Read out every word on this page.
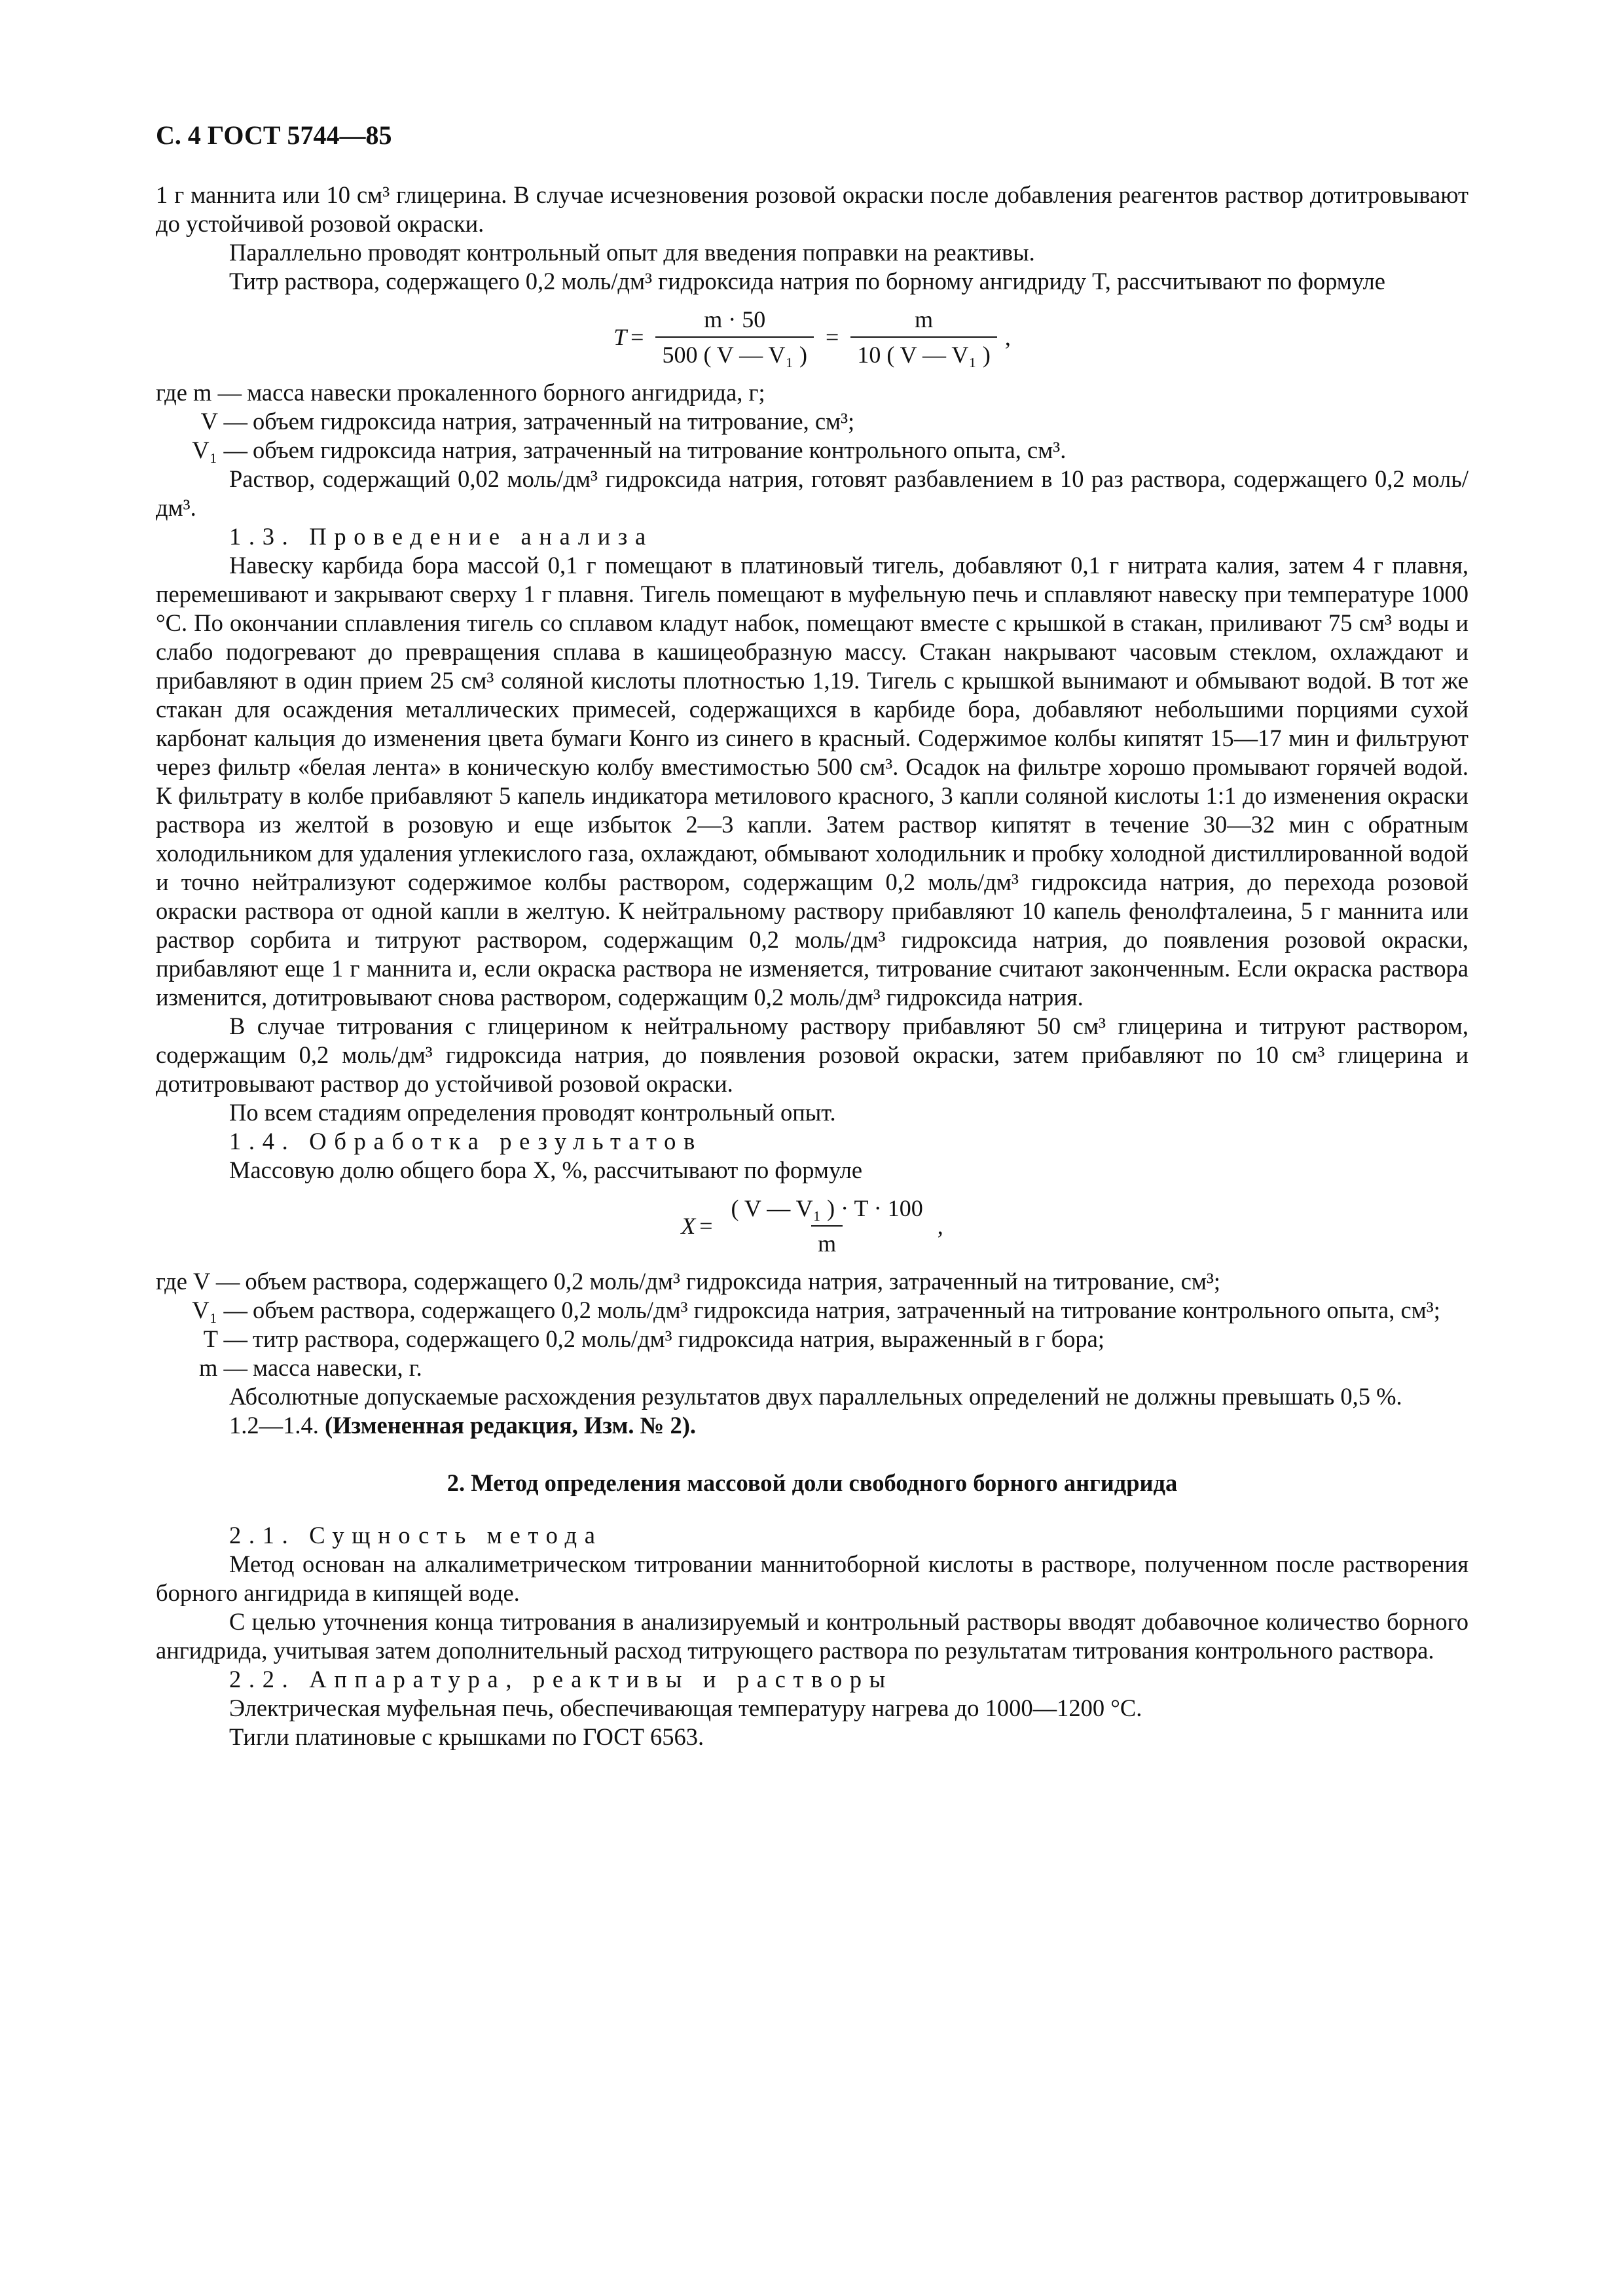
С. 4 ГОСТ 5744—85

1 г маннита или 10 см³ глицерина. В случае исчезновения розовой окраски после добавления реагентов раствор дотитровывают до устойчивой розовой окраски.

Параллельно проводят контрольный опыт для введения поправки на реактивы.

Титр раствора, содержащего 0,2 моль/дм³ гидроксида натрия по борному ангидриду T, рассчитывают по формуле

$T = \frac{m \cdot 50}{\text{500 ( V — V₁ )}} = \frac{m}{\text{10 ( V — V₁ )}}$ ,
где m — масса навески прокаленного борного ангидрида, г;
V — объем гидроксида натрия, затраченный на титрование, см³;
V₁ — объем гидроксида натрия, затраченный на титрование контрольного опыта, см³.

Раствор, содержащий 0,02 моль/дм³ гидроксида натрия, готовят разбавлением в 10 раз раствора, содержащего 0,2 моль/дм³.

1.3. Проведение анализа

Навеску карбида бора массой 0,1 г помещают в платиновый тигель, добавляют 0,1 г нитрата калия, затем 4 г плавня, перемешивают и закрывают сверху 1 г плавня. Тигель помещают в муфельную печь и сплавляют навеску при температуре 1000 °С. По окончании сплавления тигель со сплавом кладут набок, помещают вместе с крышкой в стакан, приливают 75 см³ воды и слабо подогревают до превращения сплава в кашицеобразную массу. Стакан накрывают часовым стеклом, охлаждают и прибавляют в один прием 25 см³ соляной кислоты плотностью 1,19. Тигель с крышкой вынимают и обмывают водой. В тот же стакан для осаждения металлических примесей, содержащихся в карбиде бора, добавляют небольшими порциями сухой карбонат кальция до изменения цвета бумаги Конго из синего в красный. Содержимое колбы кипятят 15—17 мин и фильтруют через фильтр «белая лента» в коническую колбу вместимостью 500 см³. Осадок на фильтре хорошо промывают горячей водой. К фильтрату в колбе прибавляют 5 капель индикатора метилового красного, 3 капли соляной кислоты 1:1 до изменения окраски раствора из желтой в розовую и еще избыток 2—3 капли. Затем раствор кипятят в течение 30—32 мин с обратным холодильником для удаления углекислого газа, охлаждают, обмывают холодильник и пробку холодной дистиллированной водой и точно нейтрализуют содержимое колбы раствором, содержащим 0,2 моль/дм³ гидроксида натрия, до перехода розовой окраски раствора от одной капли в желтую. К нейтральному раствору прибавляют 10 капель фенолфталеина, 5 г маннита или раствор сорбита и титруют раствором, содержащим 0,2 моль/дм³ гидроксида натрия, до появления розовой окраски, прибавляют еще 1 г маннита и, если окраска раствора не изменяется, титрование считают законченным. Если окраска раствора изменится, дотитровывают снова раствором, содержащим 0,2 моль/дм³ гидроксида натрия.

В случае титрования с глицерином к нейтральному раствору прибавляют 50 см³ глицерина и титруют раствором, содержащим 0,2 моль/дм³ гидроксида натрия, до появления розовой окраски, затем прибавляют по 10 см³ глицерина и дотитровывают раствор до устойчивой розовой окраски.

По всем стадиям определения проводят контрольный опыт.

1.4. Обработка результатов

Массовую долю общего бора X, %, рассчитывают по формуле

$X = \frac{\text{( V — V₁ ) · T · 100}}{m}$ ,
где V — объем раствора, содержащего 0,2 моль/дм³ гидроксида натрия, затраченный на титрование, см³;
V₁ — объем раствора, содержащего 0,2 моль/дм³ гидроксида натрия, затраченный на титрование контрольного опыта, см³;
T — титр раствора, содержащего 0,2 моль/дм³ гидроксида натрия, выраженный в г бора;
m — масса навески, г.

Абсолютные допускаемые расхождения результатов двух параллельных определений не должны превышать 0,5 %.

1.2—1.4. (Измененная редакция, Изм. № 2).

2. Метод определения массовой доли свободного борного ангидрида

2.1. Сущность метода

Метод основан на алкалиметрическом титровании маннитоборной кислоты в растворе, полученном после растворения борного ангидрида в кипящей воде.

С целью уточнения конца титрования в анализируемый и контрольный растворы вводят добавочное количество борного ангидрида, учитывая затем дополнительный расход титрующего раствора по результатам титрования контрольного раствора.

2.2. Аппаратура, реактивы и растворы

Электрическая муфельная печь, обеспечивающая температуру нагрева до 1000—1200 °С.

Тигли платиновые с крышками по ГОСТ 6563.
